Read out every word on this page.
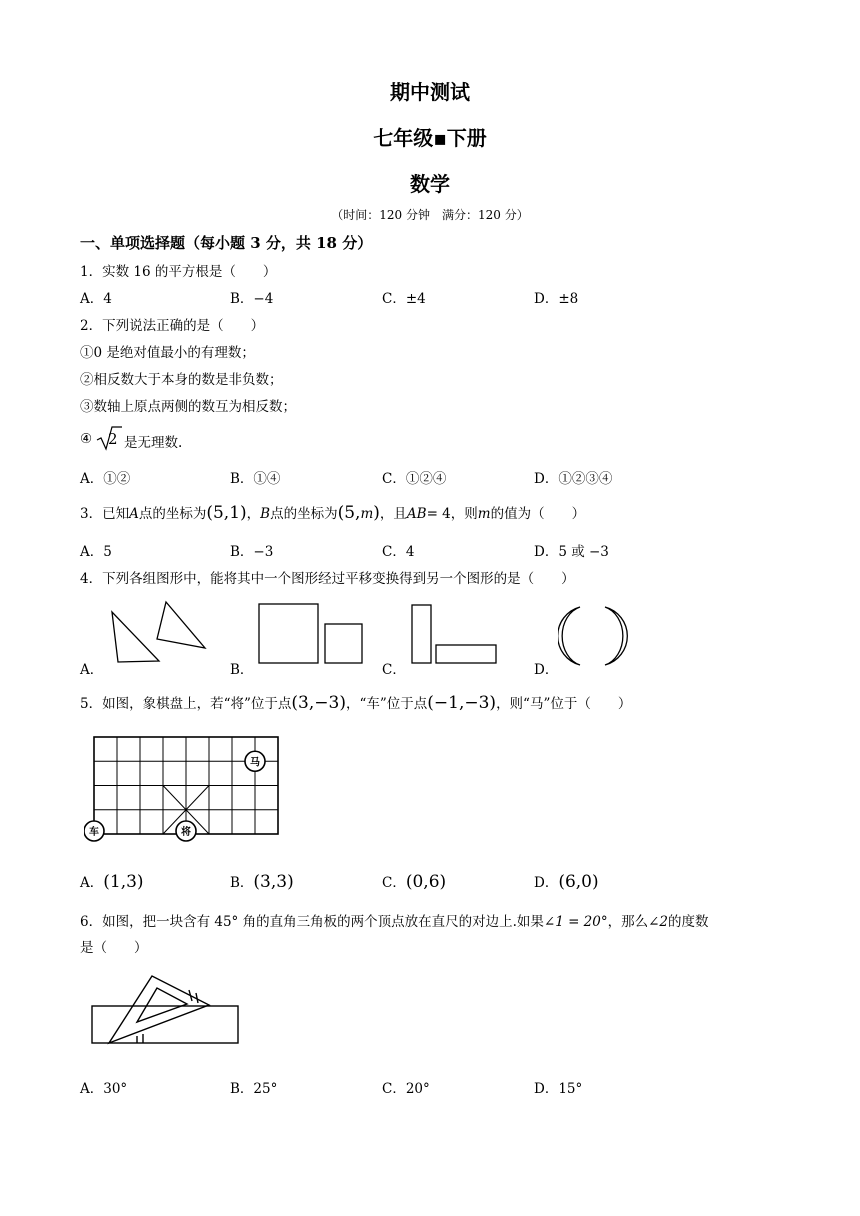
期中测试
七年级▪下册
数学
（时间：120 分钟　满分：120 分）
一、单项选择题（每小题 3 分，共 18 分）
1．实数 16 的平方根是（　　）
A．4	B．−4	C．±4	D．±8
2．下列说法正确的是（　　）
①0 是绝对值最小的有理数；
②相反数大于本身的数是非负数；
③数轴上原点两侧的数互为相反数；
④ 2 是无理数.
A．①②	B．①④	C．①②④	D．①②③④
3．已知A点的坐标为(5,1)，B点的坐标为(5,m)，且AB= 4，则m的值为（　　）
A．5	B．−3	C．4	D．5 或 −3
4．下列各组图形中，能将其中一个图形经过平移变换得到另一个图形的是（　　）
A．	B．	C．	D．
5．如图，象棋盘上，若“将”位于点(3,−3)，“车”位于点(−1,−3)，则“马”位于（　　）
马
车	将
A．(1,3)	B．(3,3)	C．(0,6)	D．(6,0)
6．如图，把一块含有 45° 角的直角三角板的两个顶点放在直尺的对边上.如果∠1 = 20°，那么∠2的度数
是（　　）
A．30°	B．25°	C．20°	D．15°
